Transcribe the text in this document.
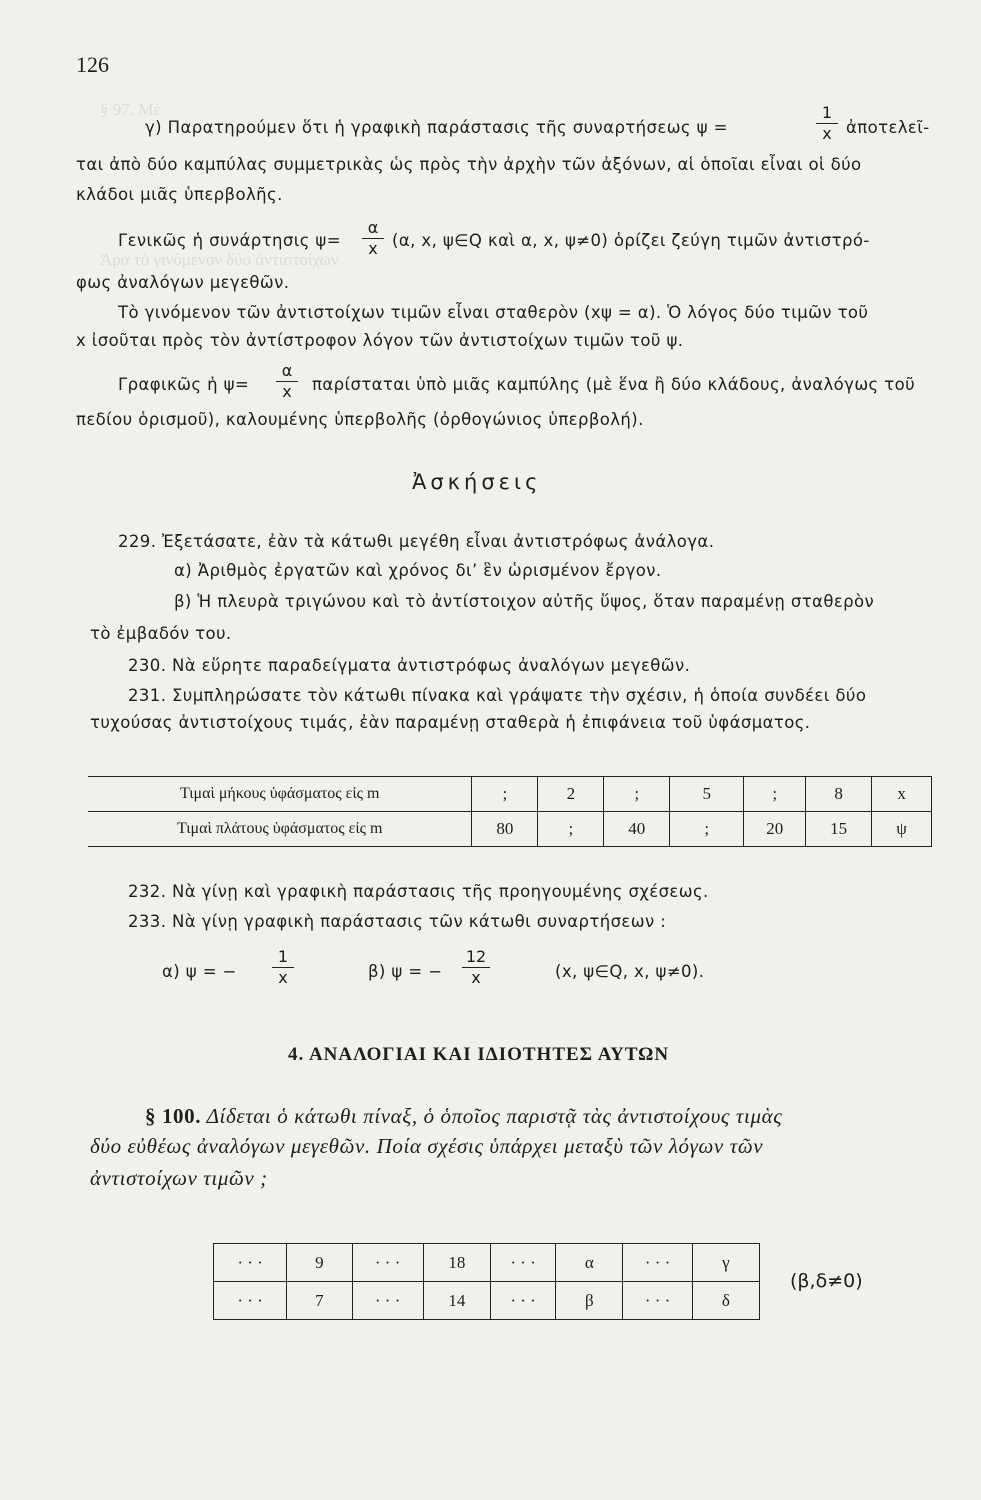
§ 97. Μὲ
Ἀρα τὸ γινόμενον δύο ἀντιστοίχων
126
γ) Παρατηρούμεν ὅτι ἡ γραφικὴ παράστασις τῆς συναρτήσεως ψ =
1
x ἀποτελεῖ-
ται ἀπὸ δύο καμπύλας συμμετρικὰς ὡς πρὸς τὴν ἀρχὴν τῶν ἀξόνων, αἱ ὁποῖαι εἶναι οἱ δύο
κλάδοι μιᾶς ὑπερβολῆς.
Γενικῶς ἡ συνάρτησις ψ=
α
x (α, x, ψ∈Q καὶ α, x, ψ≠0) ὁρίζει ζεύγη τιμῶν ἀντιστρό-
φως ἀναλόγων μεγεθῶν.
Τὸ γινόμενον τῶν ἀντιστοίχων τιμῶν εἶναι σταθερὸν (xψ = α). Ὁ λόγος δύο τιμῶν τοῦ
x ἰσοῦται πρὸς τὸν ἀντίστροφον λόγον τῶν ἀντιστοίχων τιμῶν τοῦ ψ.
Γραφικῶς ἡ ψ=
α
x	παρίσταται ὑπὸ μιᾶς καμπύλης (μὲ ἕνα ἢ δύο κλάδους, ἀναλόγως τοῦ
πεδίου ὁρισμοῦ), καλουμένης ὑπερβολῆς (ὀρθογώνιος ὑπερβολή).
Ἀσκήσεις
229. Ἐξετάσατε, ἐὰν τὰ κάτωθι μεγέθη εἶναι ἀντιστρόφως ἀνάλογα.
α) Ἀριθμὸς ἐργατῶν καὶ χρόνος δι’ ἓν ὡρισμένον ἔργον.
β) Ἡ πλευρὰ τριγώνου καὶ τὸ ἀντίστοιχον αὐτῆς ὕψος, ὅταν παραμένῃ σταθερὸν
τὸ ἐμβαδόν του.
230. Νὰ εὕρητε παραδείγματα ἀντιστρόφως ἀναλόγων μεγεθῶν.
231. Συμπληρώσατε τὸν κάτωθι πίνακα καὶ γράψατε τὴν σχέσιν, ἡ ὁποία συνδέει δύο
τυχούσας ἀντιστοίχους τιμάς, ἐὰν παραμένῃ σταθερὰ ἡ ἐπιφάνεια τοῦ ὑφάσματος.
Τιμαὶ μήκους ὑφάσματος εἰς m	;	2	;	5	;	8	x
Τιμαὶ πλάτους ὑφάσματος εἰς m	80	;	40	;	20	15	ψ
232. Νὰ γίνῃ καὶ γραφικὴ παράστασις τῆς προηγουμένης σχέσεως.
233. Νὰ γίνῃ γραφικὴ παράστασις τῶν κάτωθι συναρτήσεων :
α) ψ = −
1
x	β) ψ = −
12
x	(x, ψ∈Q, x, ψ≠0).
4. ΑΝΑΛΟΓΙΑΙ ΚΑΙ ΙΔΙΟΤΗΤΕΣ ΑΥΤΩΝ
§ 100. Δίδεται ὁ κάτωθι πίναξ, ὁ ὁποῖος παριστᾷ τὰς ἀντιστοίχους τιμὰς
δύο εὐθέως ἀναλόγων μεγεθῶν. Ποία σχέσις ὑπάρχει μεταξὺ τῶν λόγων τῶν
ἀντιστοίχων τιμῶν ;
· · ·	9	· · ·	18	· · ·	α	· · ·	γ
· · ·	7	· · ·	14	· · ·	β	· · ·	δ
(β,δ≠0)
